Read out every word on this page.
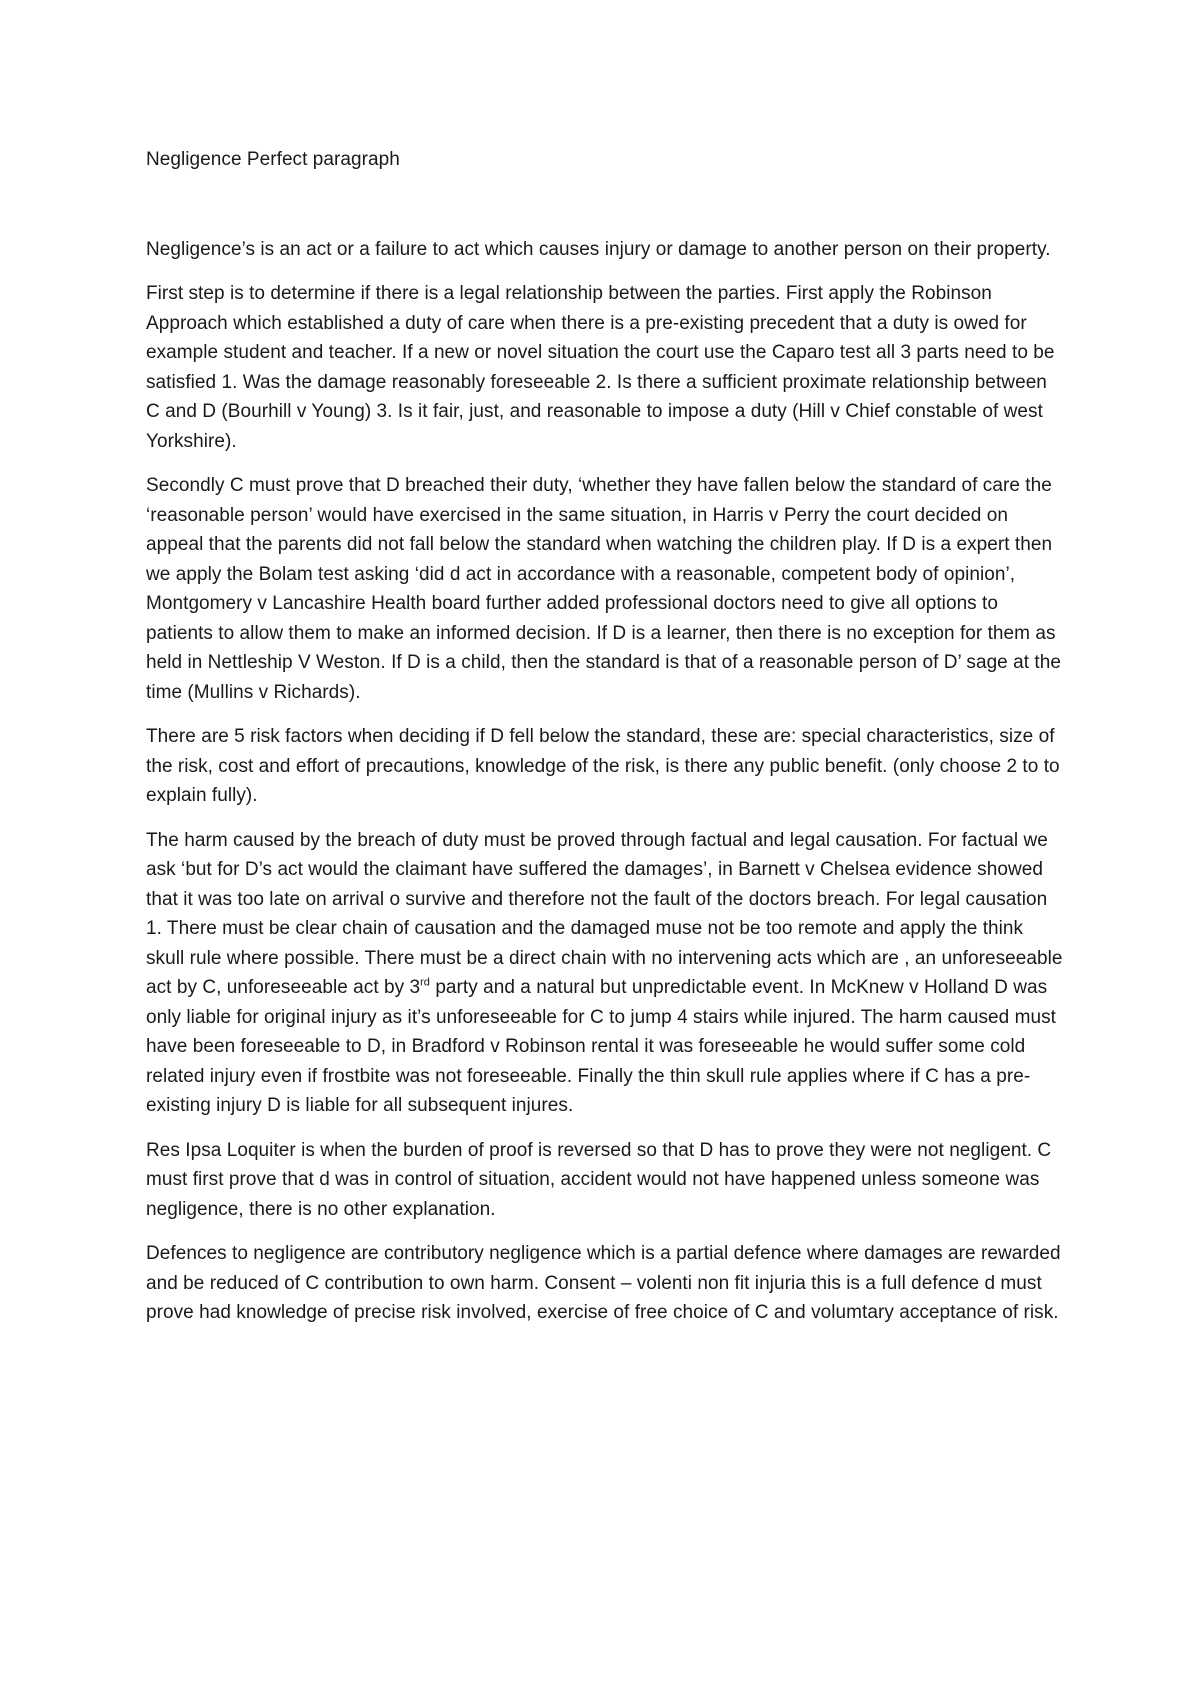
Negligence Perfect paragraph

Negligence’s is an act or a failure to act which causes injury or damage to another person on their property.

First step is to determine if there is a legal relationship between the parties. First apply the Robinson Approach which established a duty of care when there is a pre-existing precedent that a duty is owed for example student and teacher. If a new or novel situation the court use the Caparo test all 3 parts need to be satisfied 1. Was the damage reasonably foreseeable 2. Is there a sufficient proximate relationship between C and D (Bourhill v Young) 3. Is it fair, just, and reasonable to impose a duty (Hill v Chief constable of west Yorkshire).

Secondly C must prove that D breached their duty, ‘whether they have fallen below the standard of care the ‘reasonable person’ would have exercised in the same situation, in Harris v Perry the court decided on appeal that the parents did not fall below the standard when watching the children play. If D is a expert then we apply the Bolam test asking ‘did d act in accordance with a reasonable, competent body of opinion’, Montgomery v Lancashire Health board further added professional doctors need to give all options to patients to allow them to make an informed decision. If D is a learner, then there is no exception for them as held in Nettleship V Weston. If D is a child, then the standard is that of a reasonable person of D’ sage at the time (Mullins v Richards).

There are 5 risk factors when deciding if D fell below the standard, these are: special characteristics, size of the risk, cost and effort of precautions, knowledge of the risk, is there any public benefit. (only choose 2 to to explain fully).

The harm caused by the breach of duty must be proved through factual and legal causation. For factual we ask ‘but for D’s act would the claimant have suffered the damages’, in Barnett v Chelsea evidence showed that it was too late on arrival o survive and therefore not the fault of the doctors breach. For legal causation 1. There must be clear chain of causation and the damaged muse not be too remote and apply the think skull rule where possible. There must be a direct chain with no intervening acts which are , an unforeseeable act by C, unforeseeable act by 3rd party and a natural but unpredictable event. In McKnew v Holland D was only liable for original injury as it’s unforeseeable for C to jump 4 stairs while injured. The harm caused must have been foreseeable to D, in Bradford v Robinson rental it was foreseeable he would suffer some cold related injury even if frostbite was not foreseeable. Finally the thin skull rule applies where if C has a pre-existing injury D is liable for all subsequent injures.

Res Ipsa Loquiter is when the burden of proof is reversed so that D has to prove they were not negligent. C must first prove that d was in control of situation, accident would not have happened unless someone was negligence, there is no other explanation.

Defences to negligence are contributory negligence which is a partial defence where damages are rewarded and be reduced of C contribution to own harm. Consent – volenti non fit injuria this is a full defence d must prove had knowledge of precise risk involved, exercise of free choice of C and volumtary acceptance of risk.
